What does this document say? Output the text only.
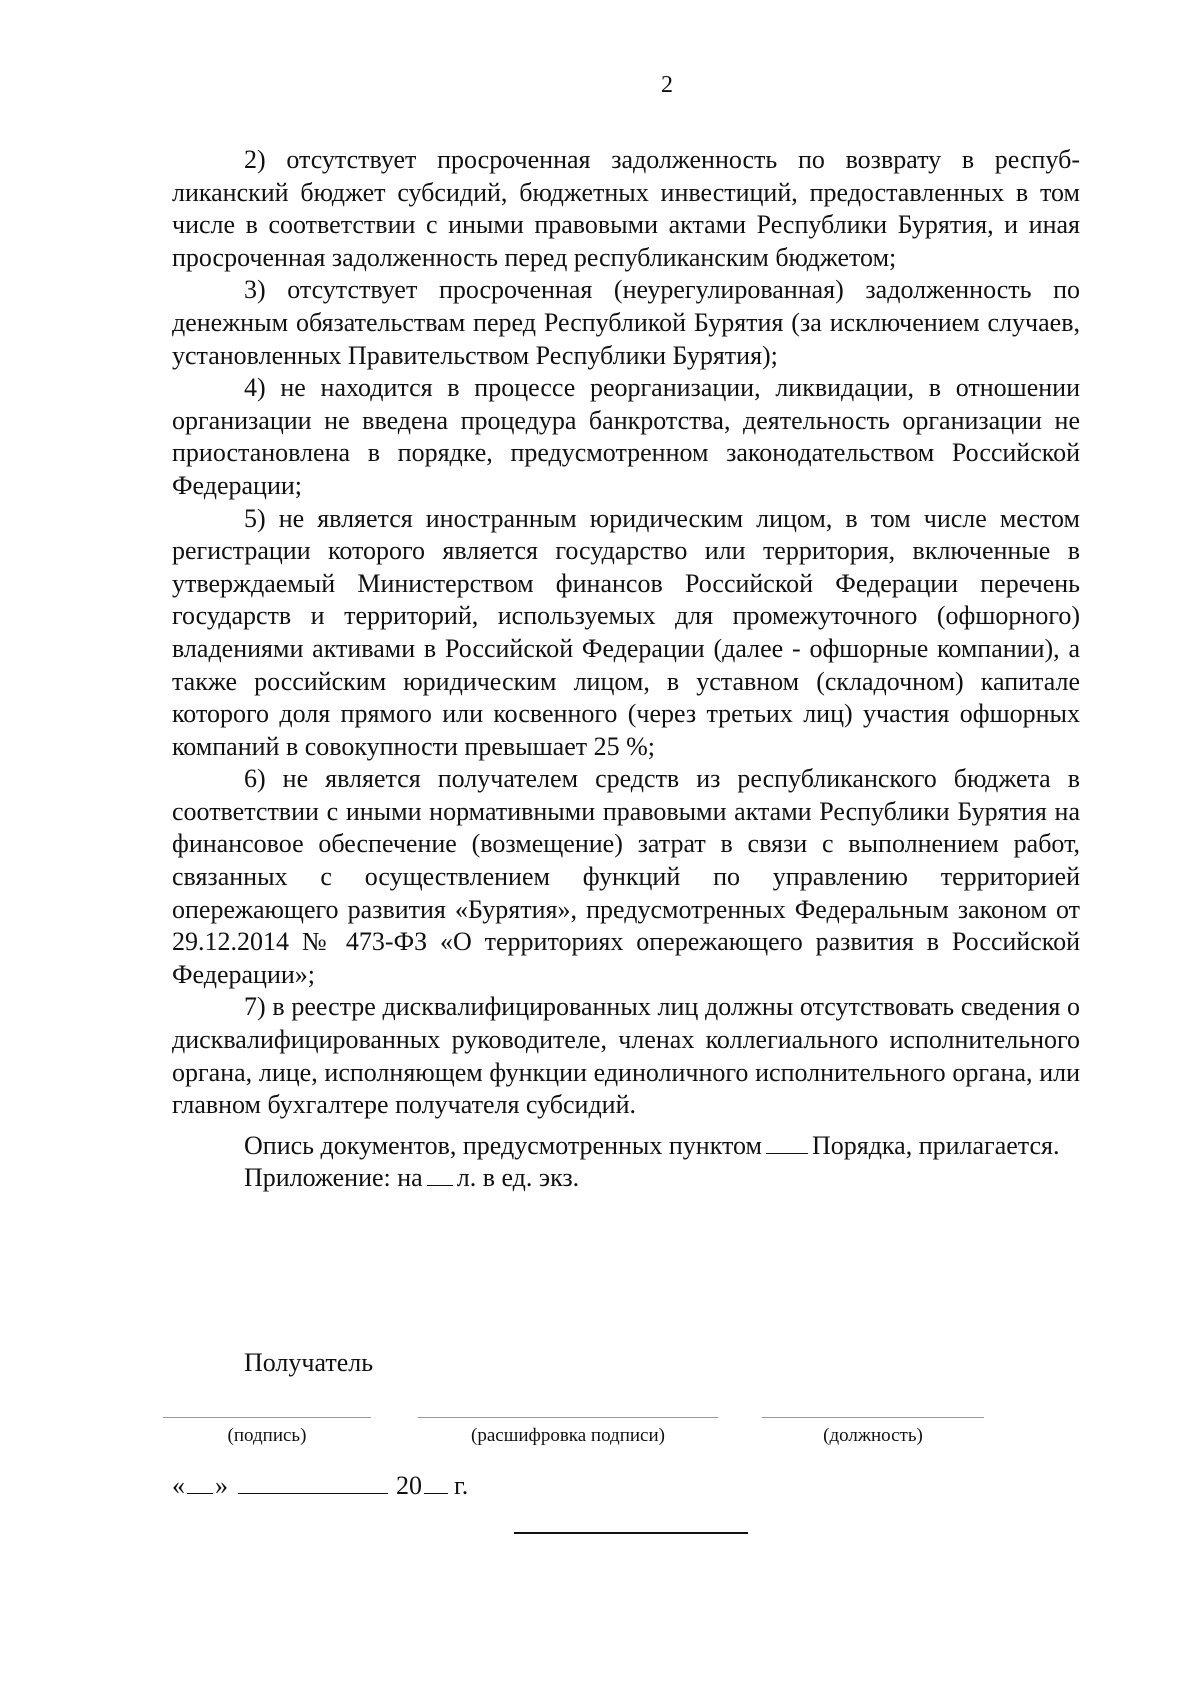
2

2) отсутствует просроченная задолженность по возврату в республиканский бюджет субсидий, бюджетных инвестиций, предоставленных в том числе в соответствии с иными правовыми актами Республики Бурятия, и иная просроченная задолженность перед республиканским бюджетом;

3) отсутствует просроченная (неурегулированная) задолженность по денежным обязательствам перед Республикой Бурятия (за исключением случаев, установленных Правительством Республики Бурятия);

4) не находится в процессе реорганизации, ликвидации, в отношении организации не введена процедура банкротства, деятельность организации не приостановлена в порядке, предусмотренном законодательством Российской Федерации;

5) не является иностранным юридическим лицом, в том числе местом регистрации которого является государство или территория, включенные в утверждаемый Министерством финансов Российской Федерации перечень государств и территорий, используемых для промежуточного (офшорного) владениями активами в Российской Федерации (далее - офшорные компании), а также российским юридическим лицом, в уставном (складочном) капитале которого доля прямого или косвенного (через третьих лиц) участия офшорных компаний в совокупности превышает 25 %;

6) не является получателем средств из республиканского бюджета в соответствии с иными нормативными правовыми актами Республики Бурятия на финансовое обеспечение (возмещение) затрат в связи с выполнением работ, связанных с осуществлением функций по управлению территорией опережающего развития «Бурятия», предусмотренных Федеральным законом от 29.12.2014 № 473-ФЗ «О территориях опережающего развития в Российской Федерации»;

7) в реестре дисквалифицированных лиц должны отсутствовать сведения о дисквалифицированных руководителе, членах коллегиального исполнительного органа, лице, исполняющем функции единоличного исполнительного органа, или главном бухгалтере получателя субсидий.

Опись документов, предусмотренных пунктом Порядка, прилагается.

Приложение: на л. в ед. экз.

Получатель
(подпись)	(расшифровка подписи)	(должность)
« »	20 г.
